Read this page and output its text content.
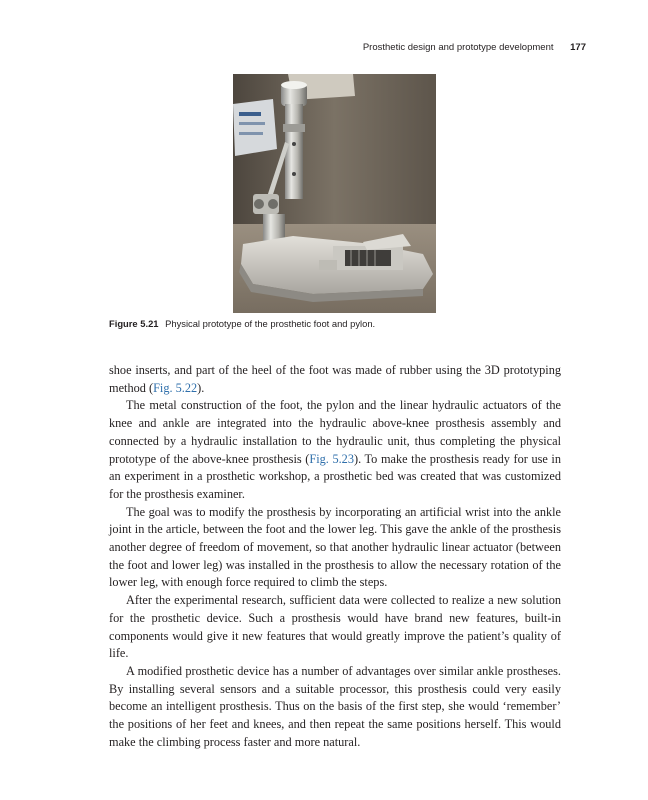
Prosthetic design and prototype development 177
Figure 5.21 Physical prototype of the prosthetic foot and pylon.

shoe inserts, and part of the heel of the foot was made of rubber using the 3D prototyping method (Fig. 5.22).

The metal construction of the foot, the pylon and the linear hydraulic actuators of the knee and ankle are integrated into the hydraulic above-knee prosthesis assembly and connected by a hydraulic installation to the hydraulic unit, thus completing the physical prototype of the above-knee prosthesis (Fig. 5.23). To make the prosthesis ready for use in an experiment in a prosthetic workshop, a prosthetic bed was created that was customized for the prosthesis examiner.

The goal was to modify the prosthesis by incorporating an artificial wrist into the ankle joint in the article, between the foot and the lower leg. This gave the ankle of the prosthesis another degree of freedom of movement, so that another hydraulic linear actuator (between the foot and lower leg) was installed in the prosthesis to allow the necessary rotation of the lower leg, with enough force required to climb the steps.

After the experimental research, sufficient data were collected to realize a new solution for the prosthetic device. Such a prosthesis would have brand new features, built-in components would give it new features that would greatly improve the patient’s quality of life.

A modified prosthetic device has a number of advantages over similar ankle prostheses. By installing several sensors and a suitable processor, this prosthesis could very easily become an intelligent prosthesis. Thus on the basis of the first step, she would ‘remember’ the positions of her feet and knees, and then repeat the same positions herself. This would make the climbing process faster and more natural.
